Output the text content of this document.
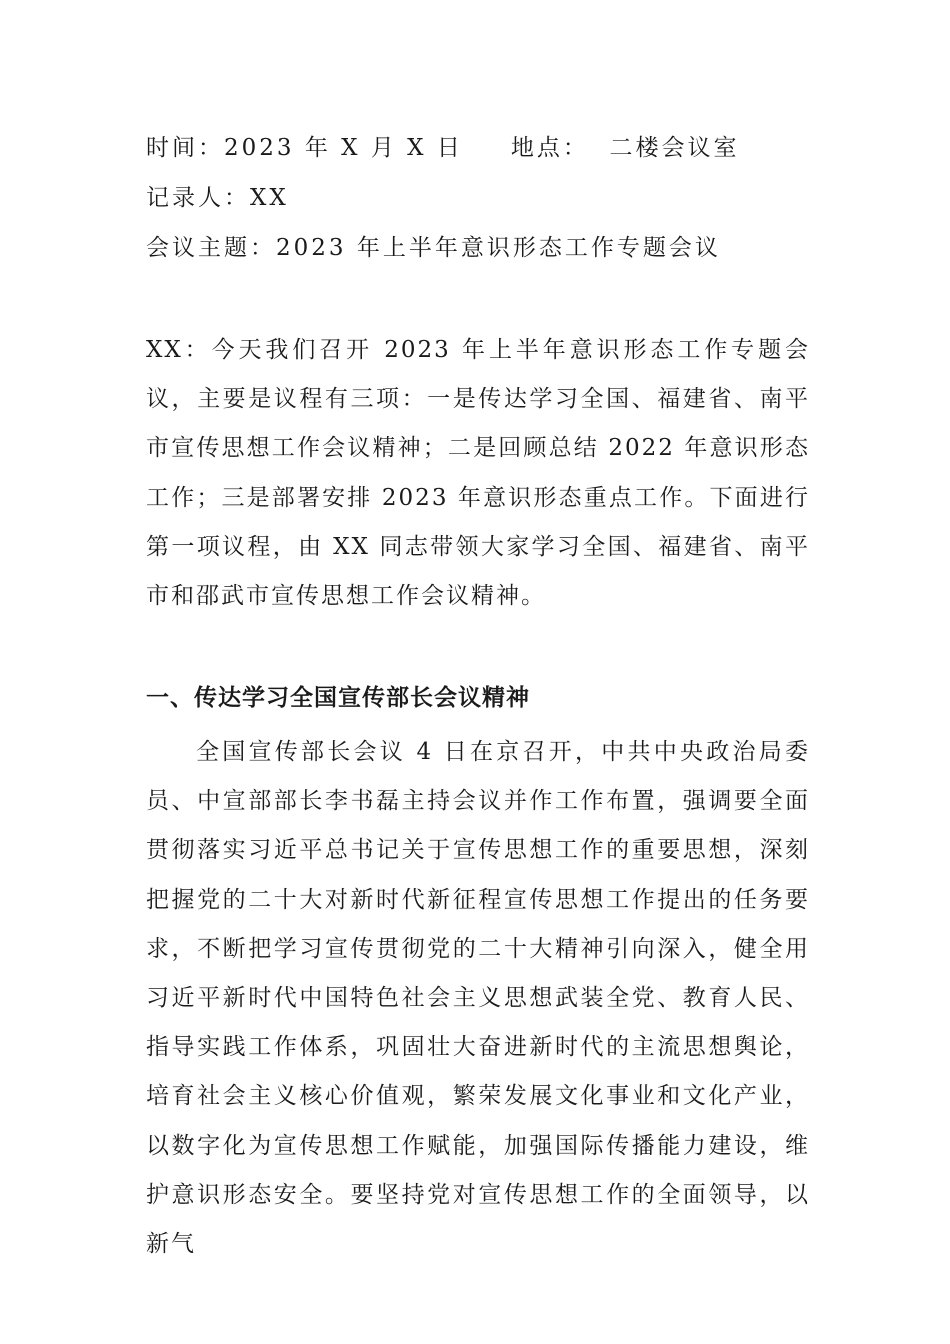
时间：2023 年 X 月 X 日 地点： 二楼会议室
记录人：XX
会议主题：2023 年上半年意识形态工作专题会议

XX：今天我们召开 2023 年上半年意识形态工作专题会议，主要是议程有三项：一是传达学习全国、福建省、南平市宣传思想工作会议精神；二是回顾总结 2022 年意识形态工作；三是部署安排 2023 年意识形态重点工作。下面进行第一项议程，由 XX 同志带领大家学习全国、福建省、南平市和邵武市宣传思想工作会议精神。

一、传达学习全国宣传部长会议精神

全国宣传部长会议 4 日在京召开，中共中央政治局委员、中宣部部长李书磊主持会议并作工作布置，强调要全面贯彻落实习近平总书记关于宣传思想工作的重要思想，深刻把握党的二十大对新时代新征程宣传思想工作提出的任务要求，不断把学习宣传贯彻党的二十大精神引向深入，健全用习近平新时代中国特色社会主义思想武装全党、教育人民、指导实践工作体系，巩固壮大奋进新时代的主流思想舆论，培育社会主义核心价值观，繁荣发展文化事业和文化产业，以数字化为宣传思想工作赋能，加强国际传播能力建设，维护意识形态安全。要坚持党对宣传思想工作的全面领导，以新气
